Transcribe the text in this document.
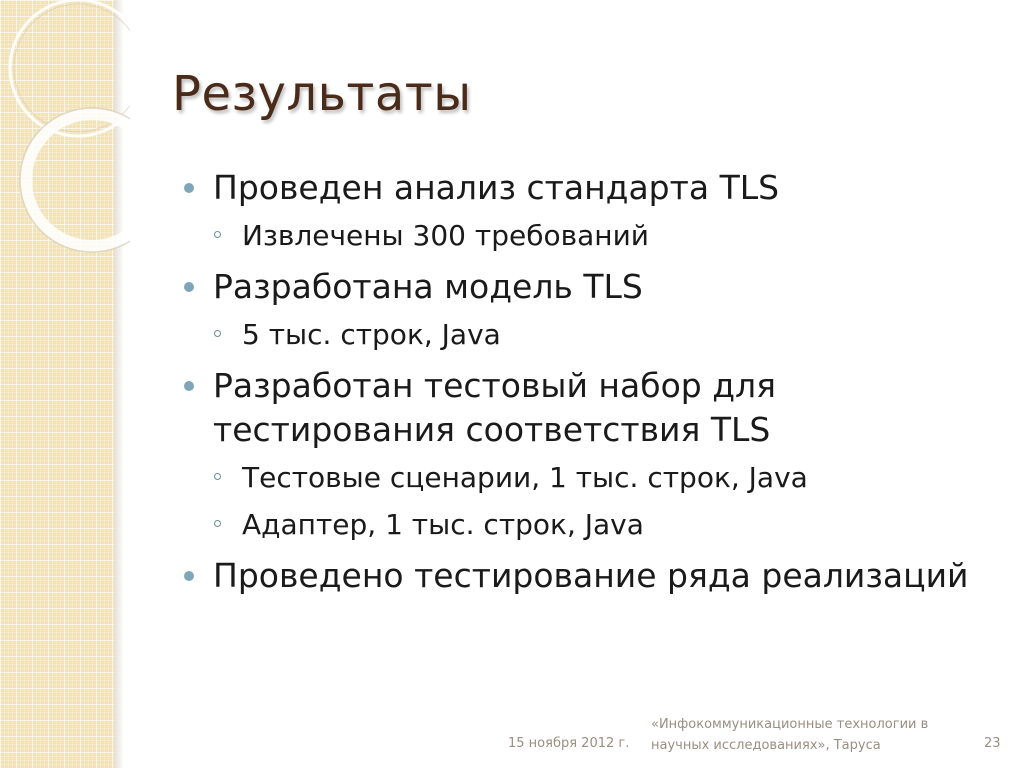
Результаты
Проведен анализ стандарта TLS
Извлечены 300 требований
Разработана модель TLS
5 тыс. строк, Java
Разработан тестовый набор для тестирования соответствия TLS
Тестовые сценарии, 1 тыс. строк, Java
Адаптер, 1 тыс. строк, Java
Проведено тестирование ряда реализаций
15 ноября 2012 г.
«Инфокоммуникационные технологии в научных исследованиях», Таруса	23
